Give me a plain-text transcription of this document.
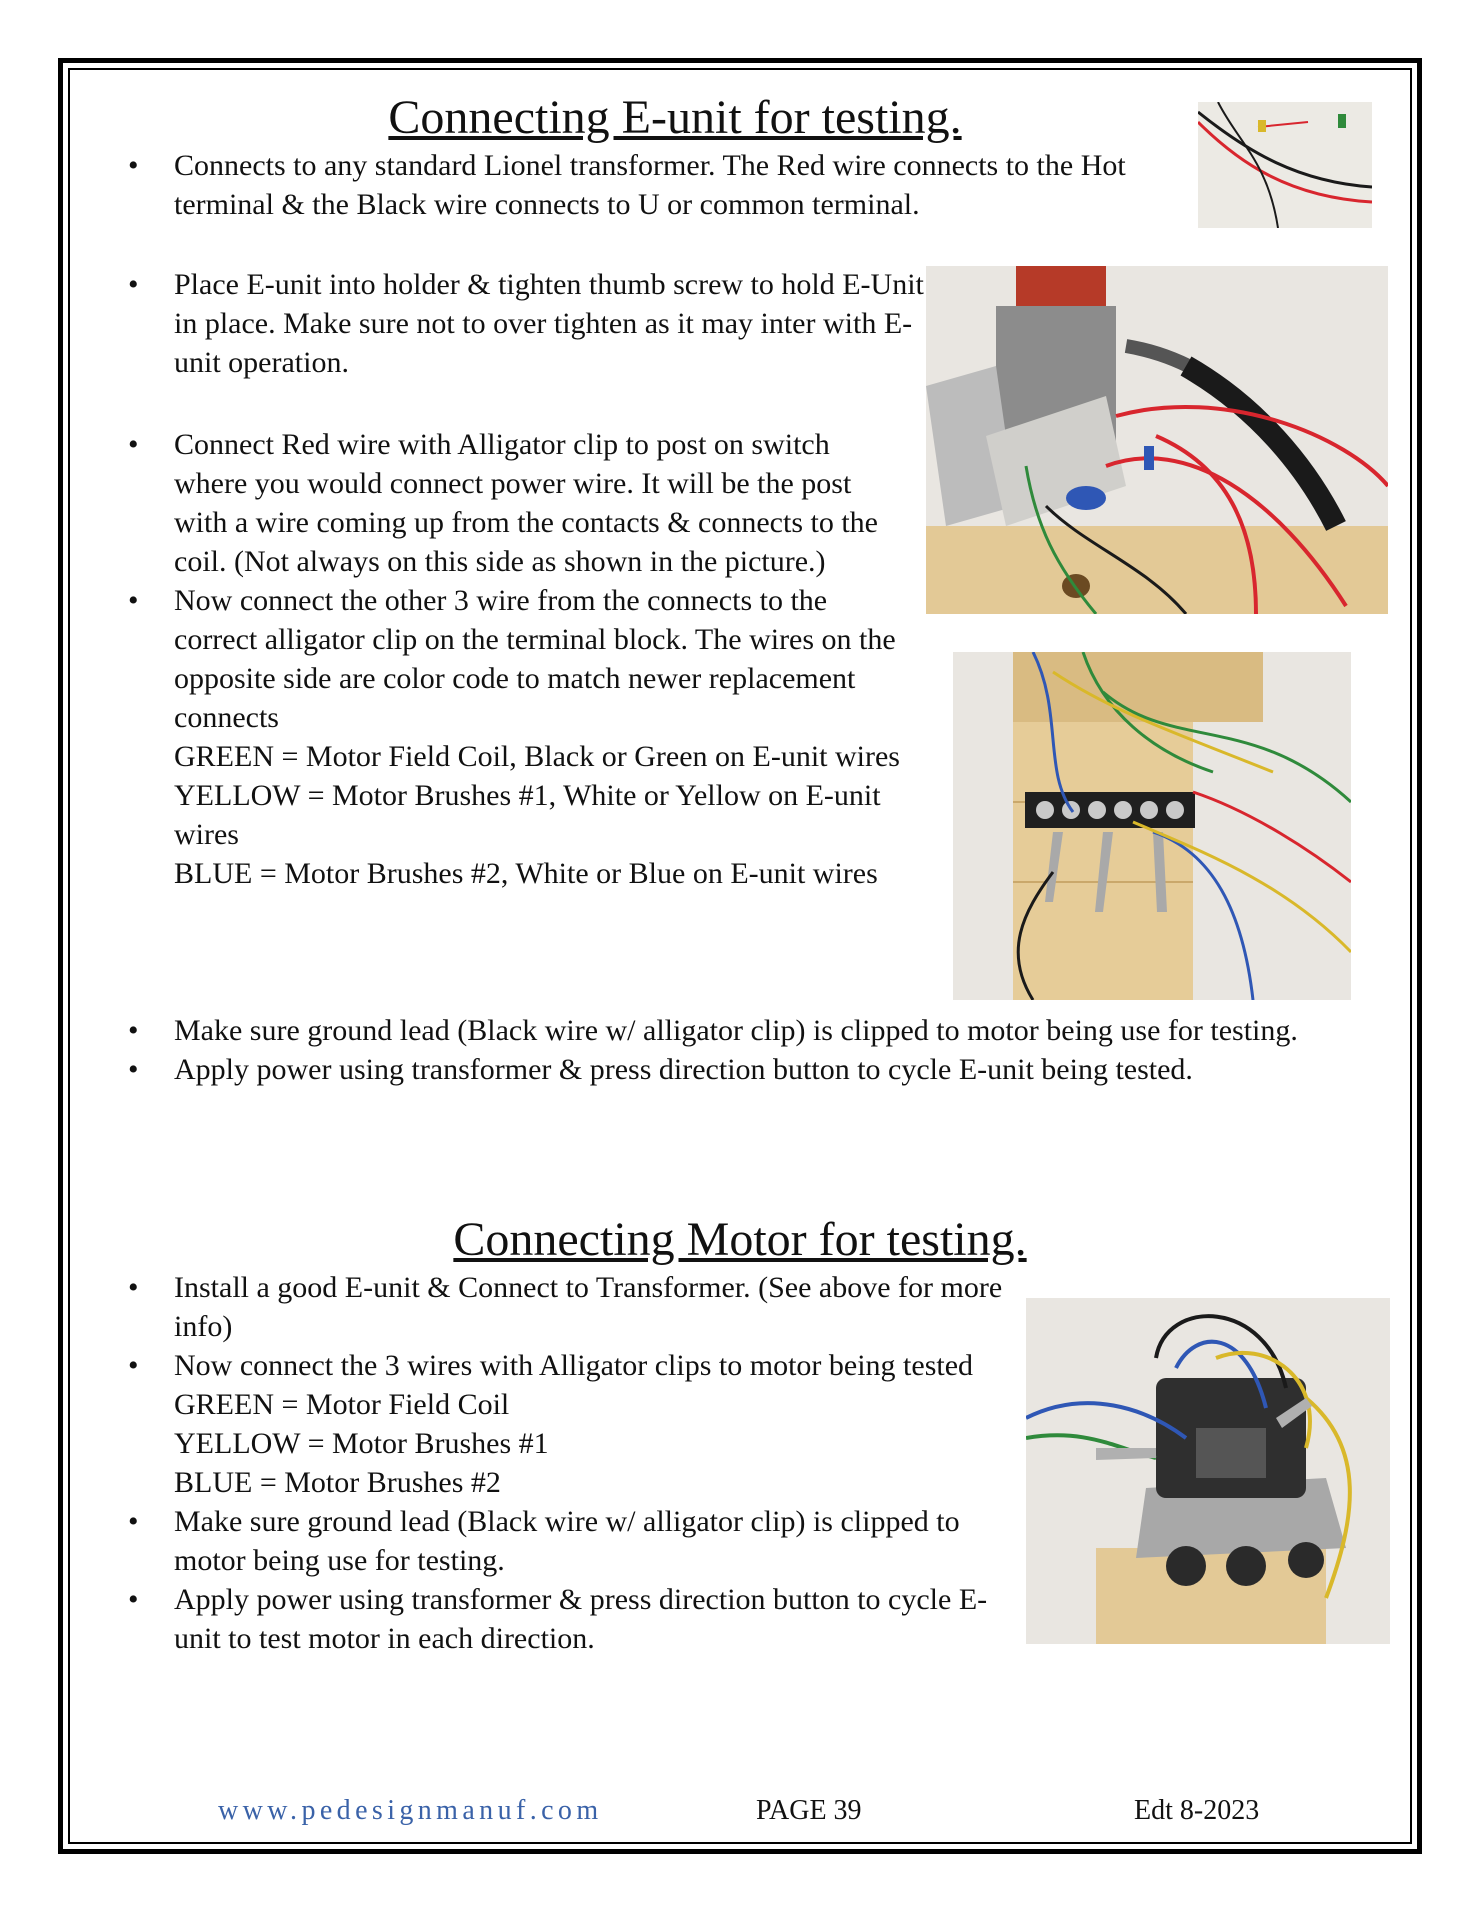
Connecting E-unit for testing.
• Connects to any standard Lionel transformer. The Red wire connects to the Hot terminal & the Black wire connects to U or common terminal.
• Place E-unit into holder & tighten thumb screw to hold E-Unit in place. Make sure not to over tighten as it may inter with E-unit operation.
• Connect Red wire with Alligator clip to post on switch where you would connect power wire. It will be the post with a wire coming up from the contacts & connects to the coil. (Not always on this side as shown in the picture.)
• Now connect the other 3 wire from the connects to the correct alligator clip on the terminal block. The wires on the opposite side are color code to match newer replacement connects
GREEN = Motor Field Coil, Black or Green on E-unit wires
YELLOW = Motor Brushes #1, White or Yellow on E-unit wires
BLUE = Motor Brushes #2, White or Blue on E-unit wires
• Make sure ground lead (Black wire w/ alligator clip) is clipped to motor being use for testing.
• Apply power using transformer & press direction button to cycle E-unit being tested.
Connecting Motor for testing.
• Install a good E-unit & Connect to Transformer. (See above for more info)
• Now connect the 3 wires with Alligator clips to motor being tested
GREEN = Motor Field Coil
YELLOW = Motor Brushes #1
BLUE = Motor Brushes #2
• Make sure ground lead (Black wire w/ alligator clip) is clipped to motor being use for testing.
• Apply power using transformer & press direction button to cycle E-unit to test motor in each direction.
www.pedesignmanuf.com	PAGE 39	Edt 8-2023
